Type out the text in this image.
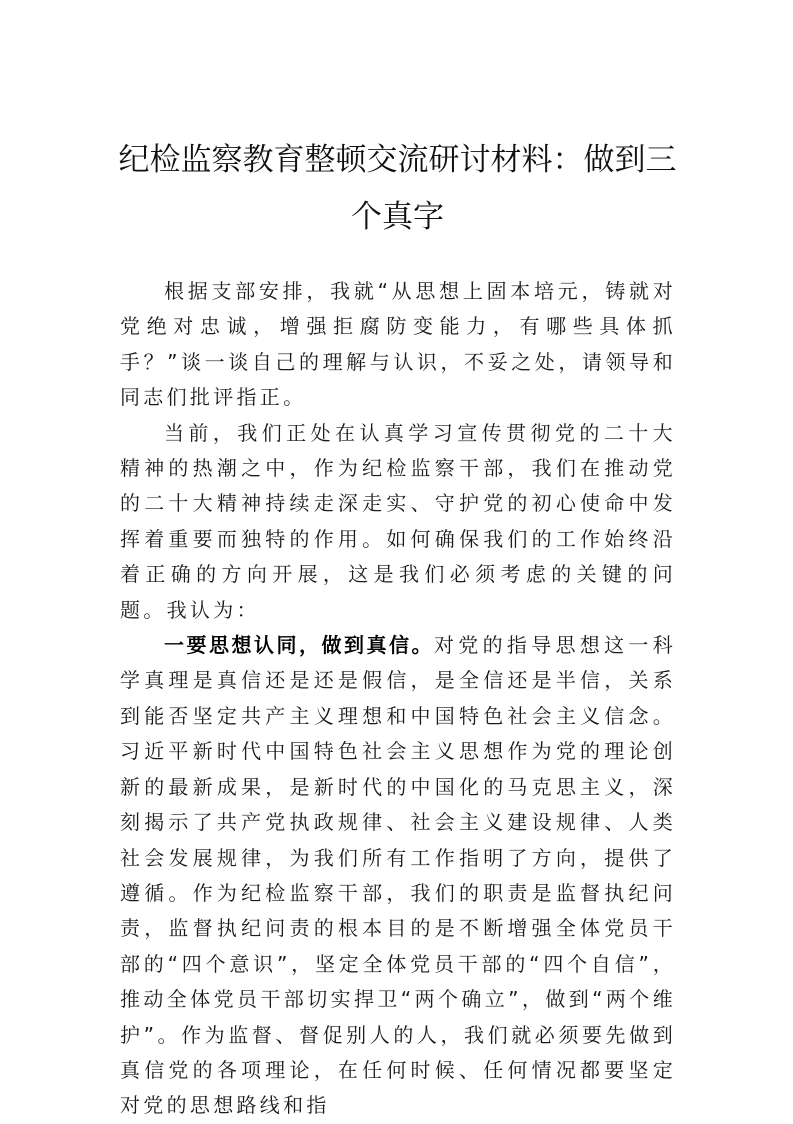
纪检监察教育整顿交流研讨材料：做到三个真字

根据支部安排，我就“从思想上固本培元，铸就对党绝对忠诚，增强拒腐防变能力，有哪些具体抓手？”谈一谈自己的理解与认识，不妥之处，请领导和同志们批评指正。

当前，我们正处在认真学习宣传贯彻党的二十大精神的热潮之中，作为纪检监察干部，我们在推动党的二十大精神持续走深走实、守护党的初心使命中发挥着重要而独特的作用。如何确保我们的工作始终沿着正确的方向开展，这是我们必须考虑的关键的问题。我认为：

一要思想认同，做到真信。对党的指导思想这一科学真理是真信还是还是假信，是全信还是半信，关系到能否坚定共产主义理想和中国特色社会主义信念。习近平新时代中国特色社会主义思想作为党的理论创新的最新成果，是新时代的中国化的马克思主义，深刻揭示了共产党执政规律、社会主义建设规律、人类社会发展规律，为我们所有工作指明了方向，提供了遵循。作为纪检监察干部，我们的职责是监督执纪问责，监督执纪问责的根本目的是不断增强全体党员干部的“四个意识”，坚定全体党员干部的“四个自信”，推动全体党员干部切实捍卫“两个确立”，做到“两个维护”。作为监督、督促别人的人，我们就必须要先做到真信党的各项理论，在任何时候、任何情况都要坚定对党的思想路线和指
